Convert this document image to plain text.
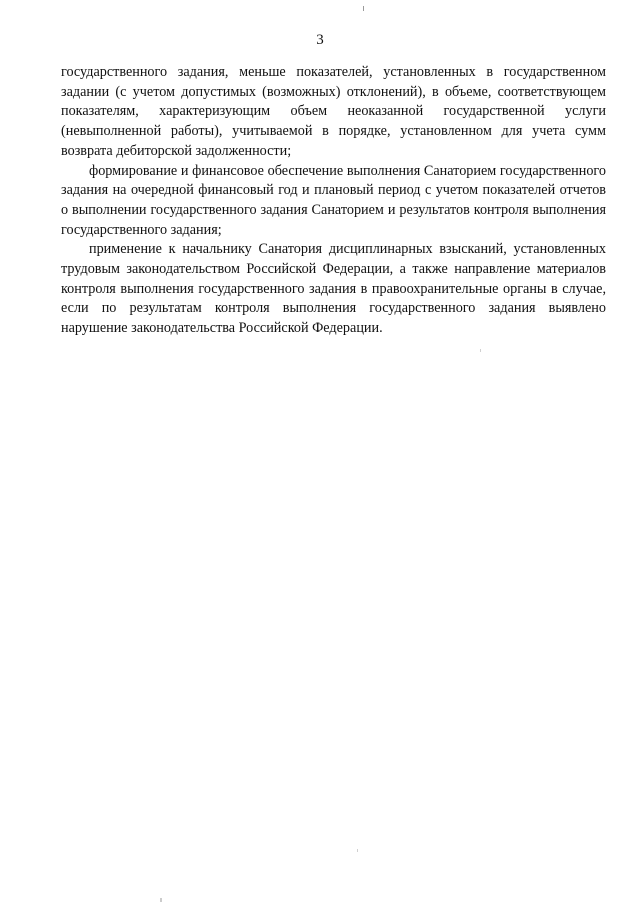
3

государственного задания, меньше показателей, установленных в государственном задании (с учетом допустимых (возможных) отклонений), в объеме, соответствующем показателям, характеризующим объем неоказанной государственной услуги (невыполненной работы), учитываемой в порядке, установленном для учета сумм возврата дебиторской задолженности;

формирование и финансовое обеспечение выполнения Санаторием государственного задания на очередной финансовый год и плановый период с учетом показателей отчетов о выполнении государственного задания Санаторием и результатов контроля выполнения государственного задания;

применение к начальнику Санатория дисциплинарных взысканий, установленных трудовым законодательством Российской Федерации, а также направление материалов контроля выполнения государственного задания в правоохранительные органы в случае, если по результатам контроля выполнения государственного задания выявлено нарушение законодательства Российской Федерации.
